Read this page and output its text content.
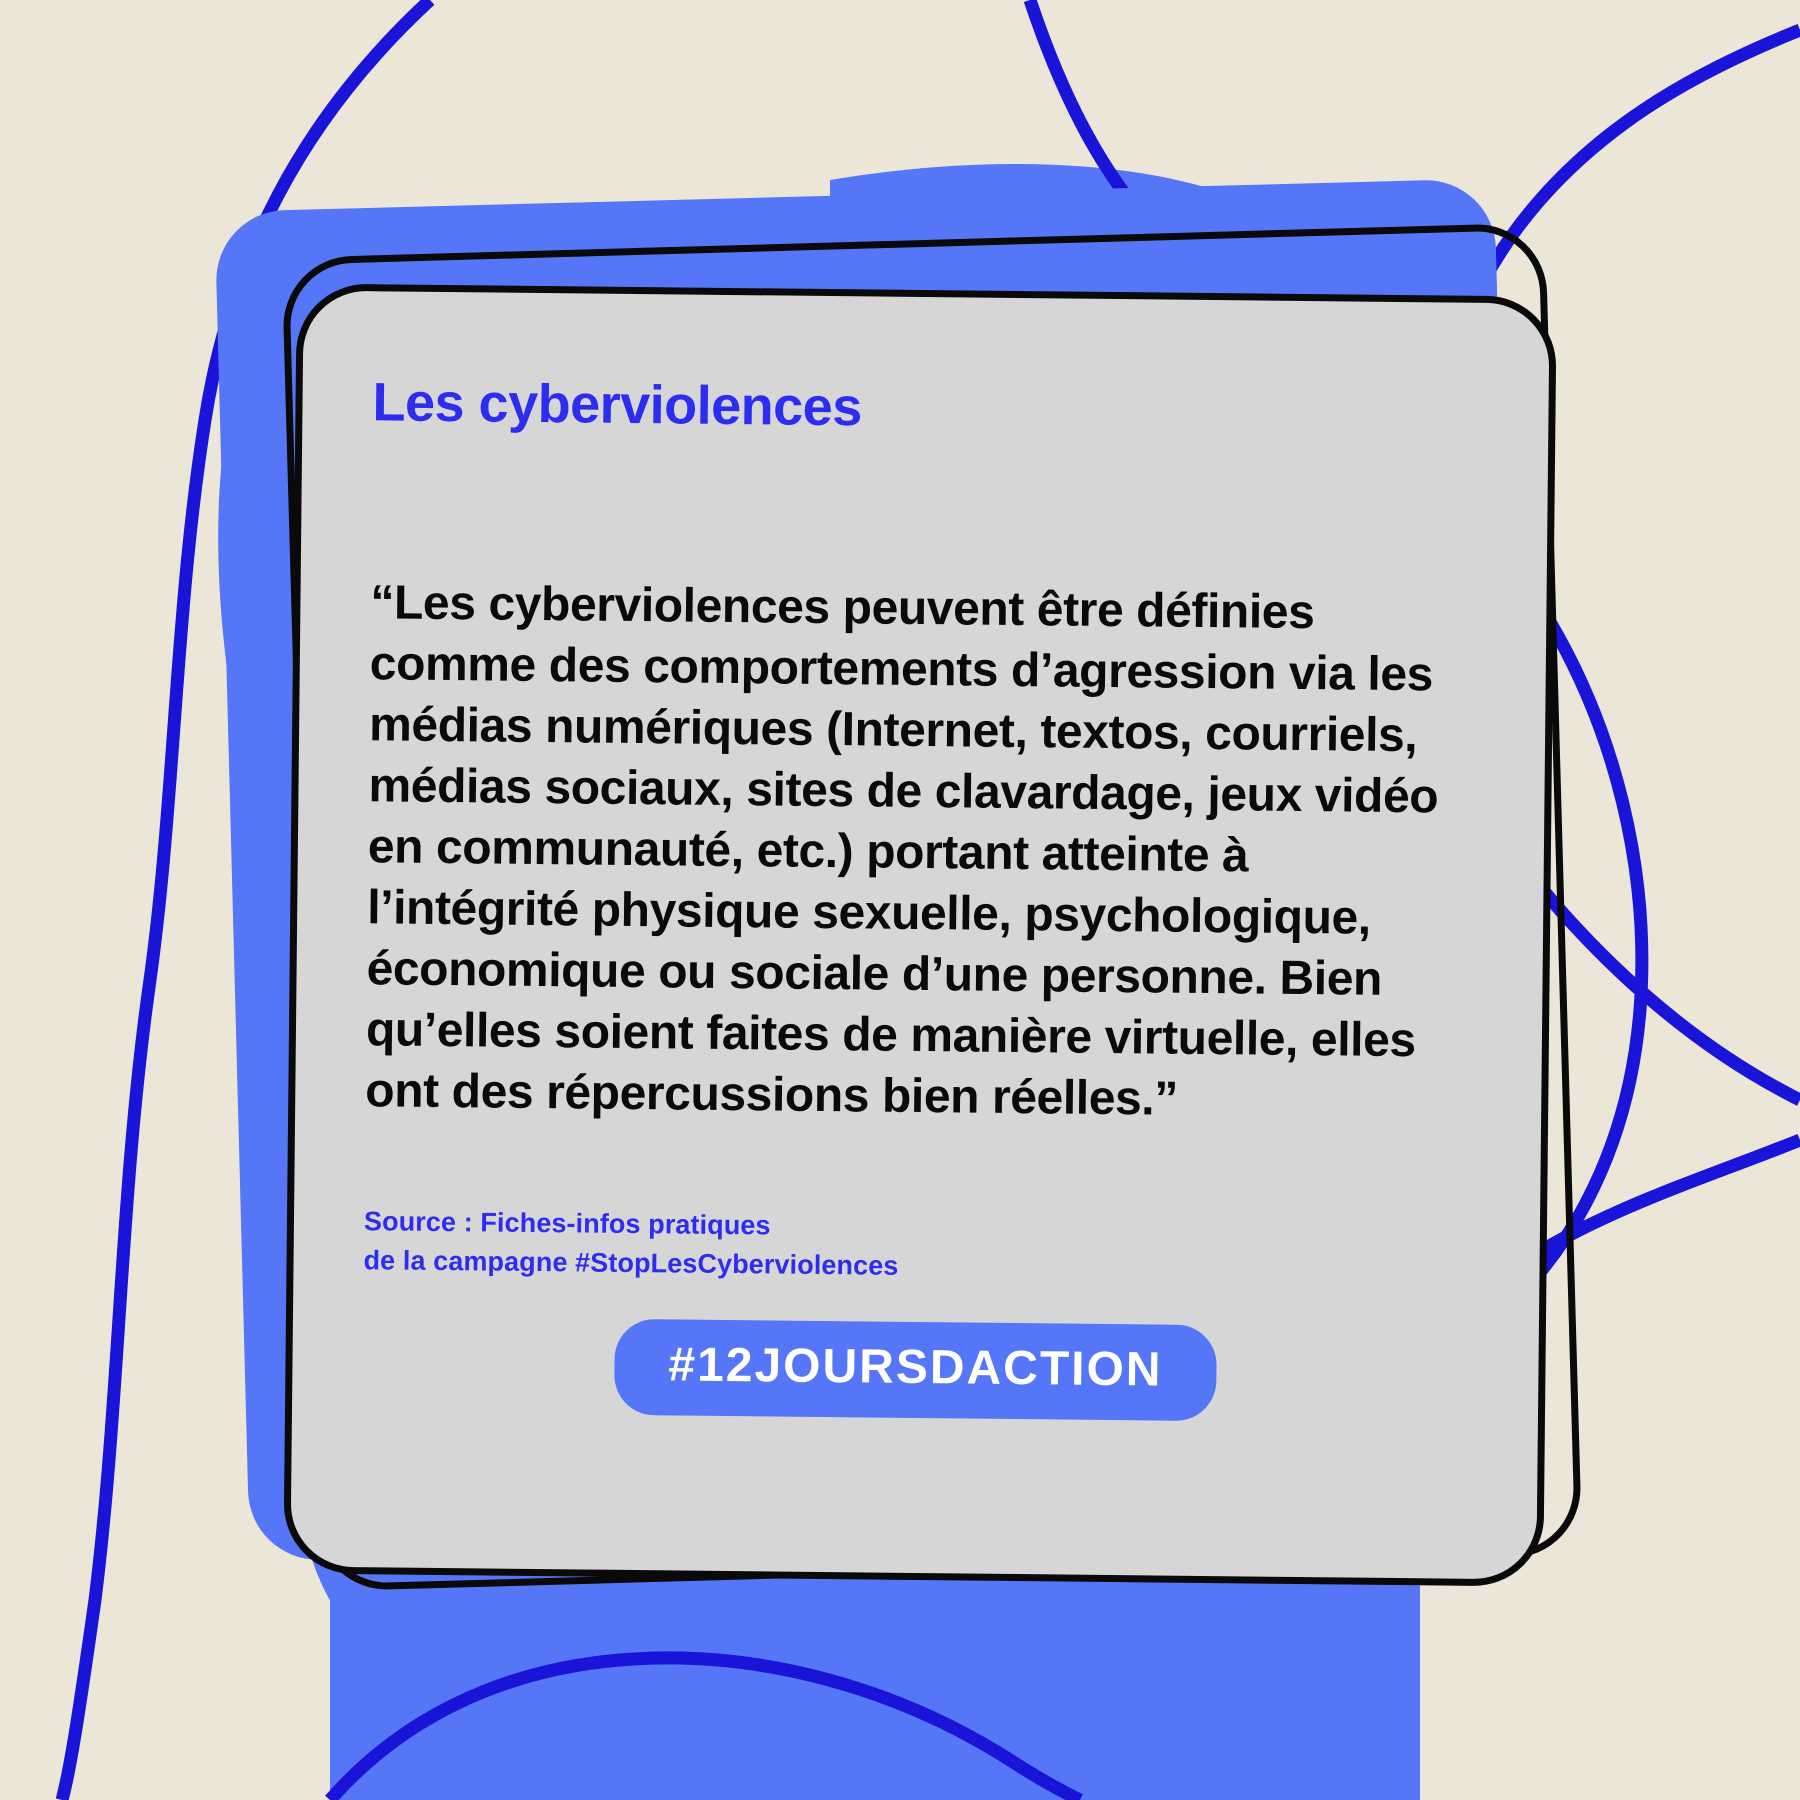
Les cyberviolences

“Les cyberviolences peuvent être définies comme des comportements d’agression via les médias numériques (Internet, textos, courriels, médias sociaux, sites de clavardage, jeux vidéo en communauté, etc.) portant atteinte à l’intégrité physique sexuelle, psychologique, économique ou sociale d’une personne. Bien qu’elles soient faites de manière virtuelle, elles ont des répercussions bien réelles.”

Source : Fiches-infos pratiques
de la campagne #StopLesCyberviolences
#12JOURSDACTION
